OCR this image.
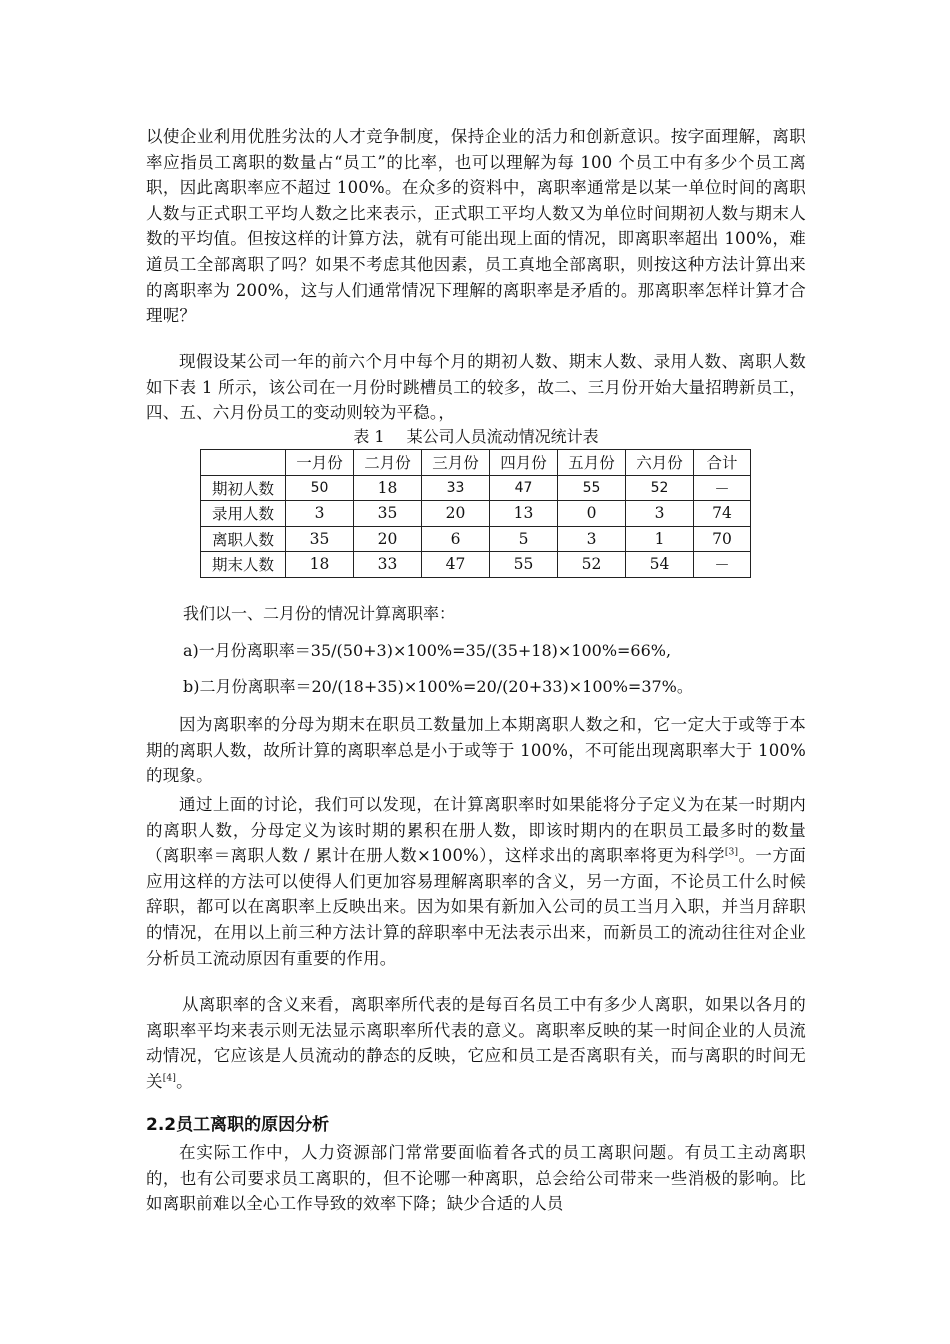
以使企业利用优胜劣汰的人才竞争制度，保持企业的活力和创新意识。按字面理解，离职率应指员工离职的数量占“员工”的比率，也可以理解为每 100 个员工中有多少个员工离职，因此离职率应不超过 100%。在众多的资料中，离职率通常是以某一单位时间的离职人数与正式职工平均人数之比来表示，正式职工平均人数又为单位时间期初人数与期末人数的平均值。但按这样的计算方法，就有可能出现上面的情况，即离职率超出 100%，难道员工全部离职了吗？如果不考虑其他因素，员工真地全部离职，则按这种方法计算出来的离职率为 200%，这与人们通常情况下理解的离职率是矛盾的。那离职率怎样计算才合理呢？
现假设某公司一年的前六个月中每个月的期初人数、期末人数、录用人数、离职人数如下表 1 所示，该公司在一月份时跳槽员工的较多，故二、三月份开始大量招聘新员工，四、五、六月份员工的变动则较为平稳。，
表 1 某公司人员流动情况统计表
	一月份	二月份	三月份	四月份	五月份	六月份	合计
期初人数	50	18	33	47	55	52	－
录用人数	3	35	20	13	0	3	74
离职人数	35	20	6	5	3	1	70
期末人数	18	33	47	55	52	54	－
我们以一、二月份的情况计算离职率：
a)一月份离职率＝35/(50+3)×100%=35/(35+18)×100%=66%,
b)二月份离职率＝20/(18+35)×100%=20/(20+33)×100%=37%。
因为离职率的分母为期末在职员工数量加上本期离职人数之和，它一定大于或等于本期的离职人数，故所计算的离职率总是小于或等于 100%，不可能出现离职率大于 100%的现象。
通过上面的讨论，我们可以发现，在计算离职率时如果能将分子定义为在某一时期内的离职人数，分母定义为该时期的累积在册人数，即该时期内的在职员工最多时的数量（离职率＝离职人数 / 累计在册人数×100%），这样求出的离职率将更为科学[3]。一方面应用这样的方法可以使得人们更加容易理解离职率的含义，另一方面，不论员工什么时候辞职，都可以在离职率上反映出来。因为如果有新加入公司的员工当月入职，并当月辞职的情况，在用以上前三种方法计算的辞职率中无法表示出来，而新员工的流动往往对企业分析员工流动原因有重要的作用。
从离职率的含义来看，离职率所代表的是每百名员工中有多少人离职，如果以各月的离职率平均来表示则无法显示离职率所代表的意义。离职率反映的某一时间企业的人员流动情况，它应该是人员流动的静态的反映，它应和员工是否离职有关，而与离职的时间无关[4]。
2.2员工离职的原因分析
在实际工作中，人力资源部门常常要面临着各式的员工离职问题。有员工主动离职的，也有公司要求员工离职的，但不论哪一种离职，总会给公司带来一些消极的影响。比如离职前难以全心工作导致的效率下降；缺少合适的人员
